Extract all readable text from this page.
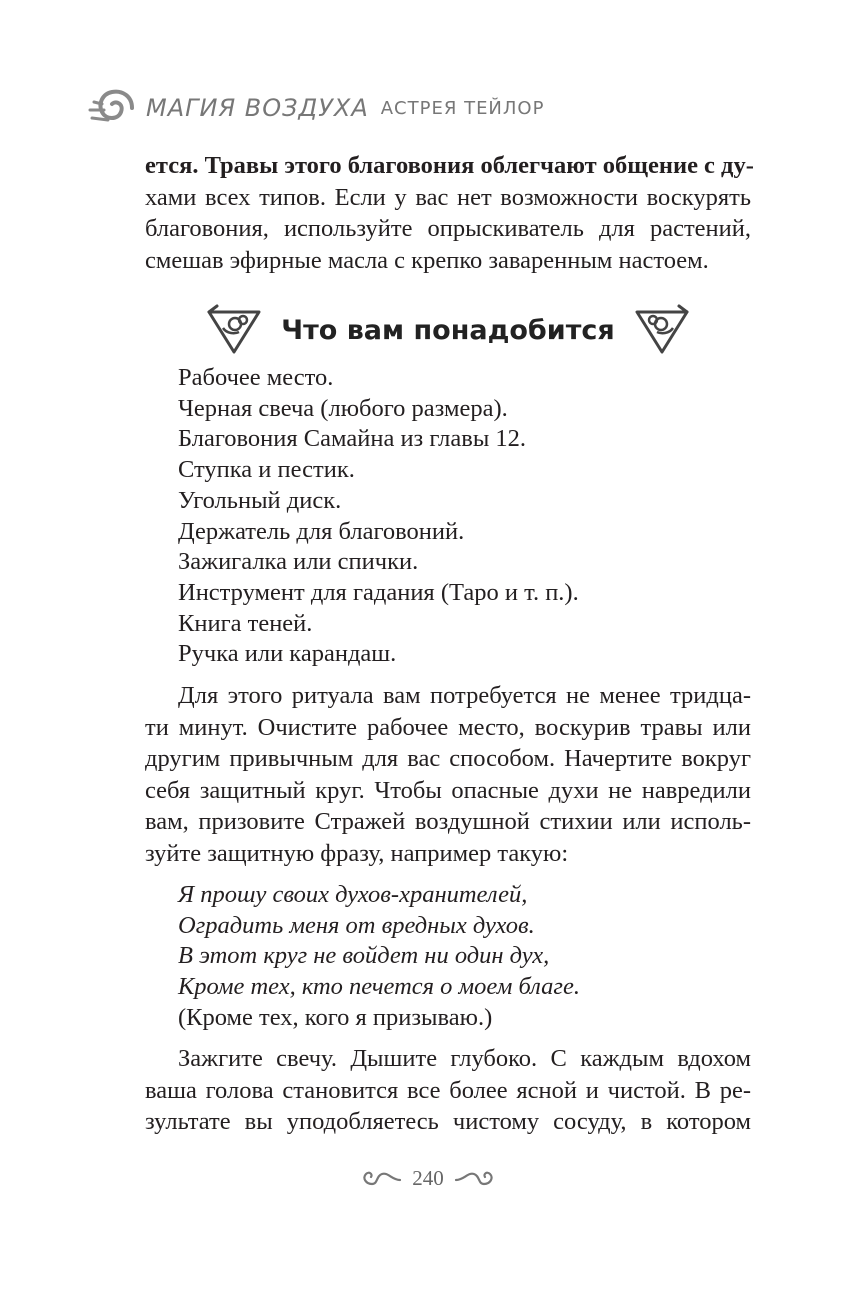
МАГИЯ ВОЗДУХА АСТРЕЯ ТЕЙЛОР

ется. Травы этого благовония облегчают общение с ду-
хами всех типов. Если у вас нет возможности воскурять
благовония, используйте опрыскиватель для растений,
смешав эфирные масла с крепко заваренным настоем.

Что вам понадобится
Рабочее место.
Черная свеча (любого размера).
Благовония Самайна из главы 12.
Ступка и пестик.
Угольный диск.
Держатель для благовоний.
Зажигалка или спички.
Инструмент для гадания (Таро и т. п.).
Книга теней.
Ручка или карандаш.

Для этого ритуала вам потребуется не менее тридца-
ти минут. Очистите рабочее место, воскурив травы или
другим привычным для вас способом. Начертите вокруг
себя защитный круг. Чтобы опасные духи не навредили
вам, призовите Стражей воздушной стихии или исполь-
зуйте защитную фразу, например такую:

Я прошу своих духов-хранителей,
Оградить меня от вредных духов.
В этот круг не войдет ни один дух,
Кроме тех, кто печется о моем благе.
(Кроме тех, кого я призываю.)

Зажгите свечу. Дышите глубоко. С каждым вдохом
ваша голова становится все более ясной и чистой. В ре-
зультате вы уподобляетесь чистому сосуду, в котором

240
